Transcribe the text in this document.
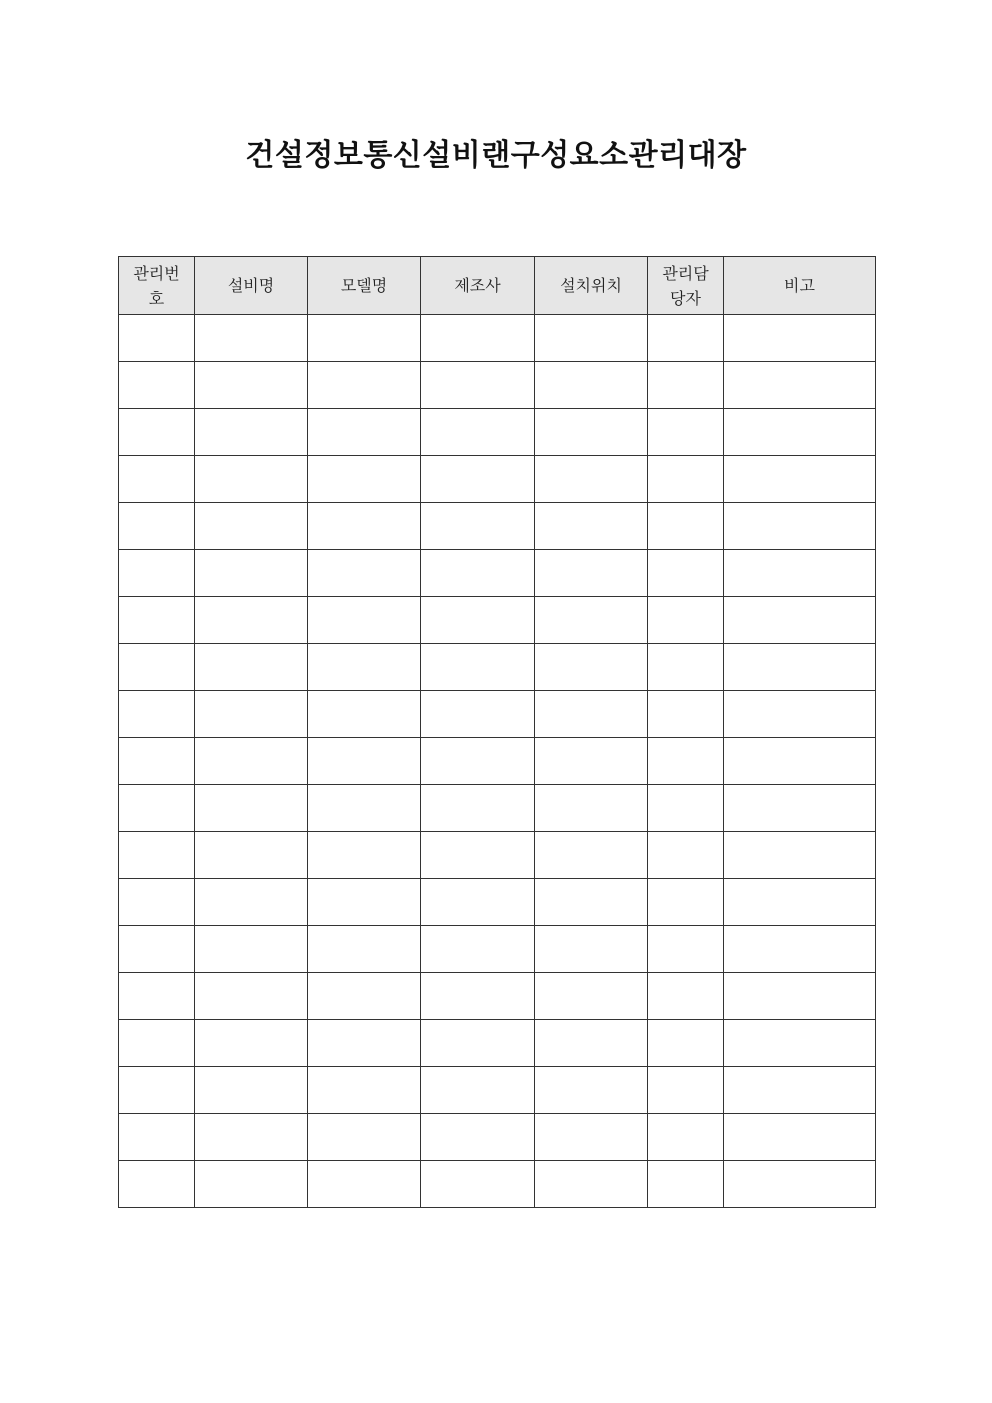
건설정보통신설비랜구성요소관리대장
관리번호	설비명	모델명	제조사	설치위치	관리담당자	비고
